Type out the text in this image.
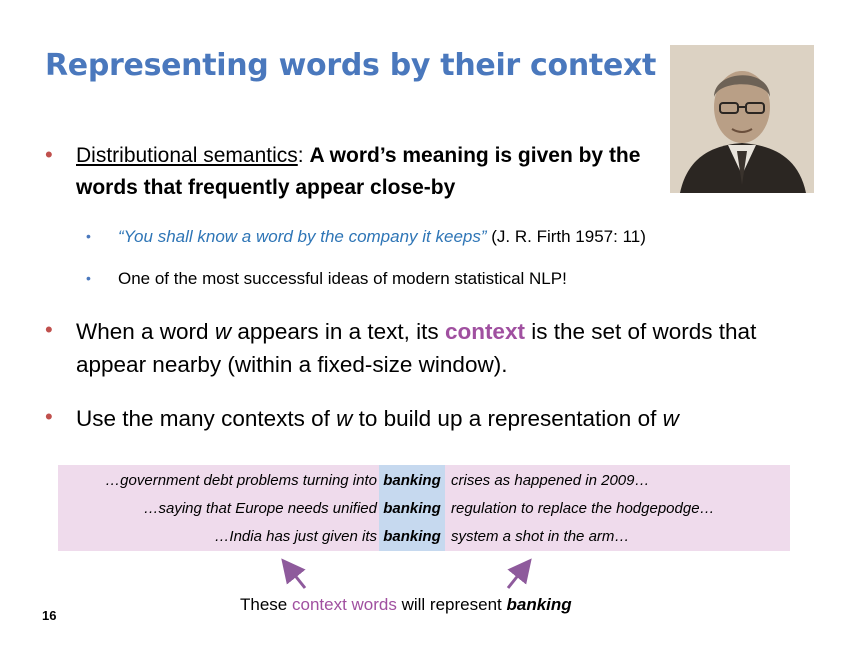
Representing words by their context
• Distributional semantics: A word’s meaning is given by the words that frequently appear close-by
• “You shall know a word by the company it keeps” (J. R. Firth 1957: 11)
• One of the most successful ideas of modern statistical NLP!
• When a word w appears in a text, its context is the set of words that appear nearby (within a fixed-size window).
• Use the many contexts of w to build up a representation of w
…government debt problems turning into banking crises as happened in 2009…
…saying that Europe needs unified banking regulation to replace the hodgepodge…
…India has just given its banking system a shot in the arm…
These context words will represent banking
16
